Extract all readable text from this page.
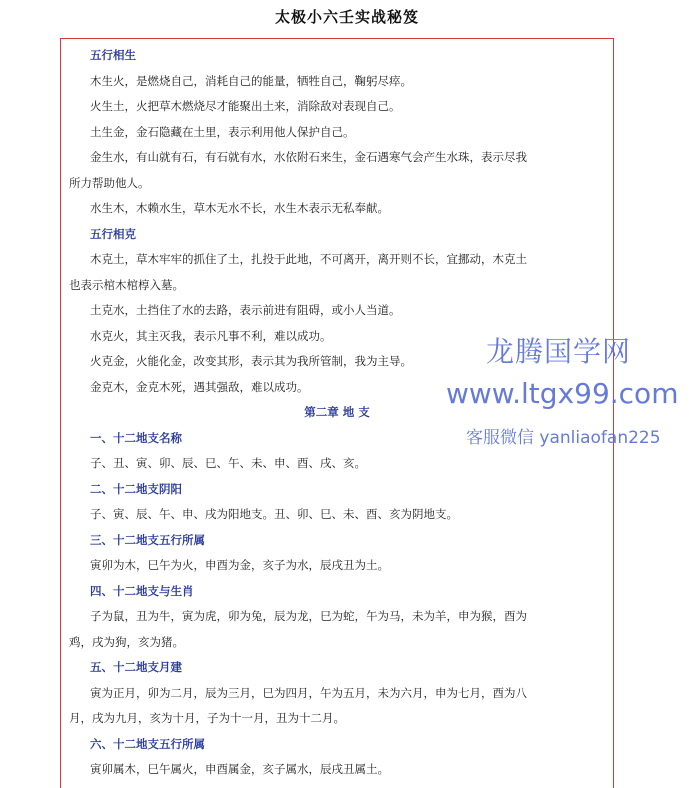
太极小六壬实战秘笈
五行相生
木生火，是燃烧自己，消耗自己的能量，牺牲自己，鞠躬尽瘁。
火生土，火把草木燃烧尽才能聚出土来，消除敌对表现自己。
土生金，金石隐藏在土里，表示利用他人保护自己。
金生水，有山就有石，有石就有水，水依附石来生，金石遇寒气会产生水珠，表示尽我
所力帮助他人。
水生木，木赖水生，草木无水不长，水生木表示无私奉献。
五行相克
木克土，草木牢牢的抓住了土，扎投于此地，不可离开，离开则不长，宜挪动，木克土
也表示棺木棺椁入墓。
土克水，土挡住了水的去路，表示前进有阻碍，或小人当道。
水克火，其主灭我，表示凡事不利，难以成功。
火克金，火能化金，改变其形，表示其为我所管制，我为主导。
金克木，金克木死，遇其强敌，难以成功。
第二章 地 支
一、十二地支名称
子、丑、寅、卯、辰、巳、午、未、申、酉、戌、亥。
二、十二地支阴阳
子、寅、辰、午、申、戌为阳地支。丑、卯、巳、未、酉、亥为阴地支。
三、十二地支五行所属
寅卯为木，巳午为火，申酉为金，亥子为水，辰戌丑为土。
四、十二地支与生肖
子为鼠，丑为牛，寅为虎，卯为兔，辰为龙，巳为蛇，午为马，未为羊，申为猴，酉为
鸡，戌为狗，亥为猪。
五、十二地支月建
寅为正月，卯为二月，辰为三月，巳为四月，午为五月，未为六月，申为七月，酉为八
月，戌为九月，亥为十月，子为十一月，丑为十二月。
六、十二地支五行所属
寅卯属木，巳午属火，申酉属金，亥子属水，辰戌丑属土。
龙腾国学网
www.ltgx99.com
客服微信 yanliaofan225
